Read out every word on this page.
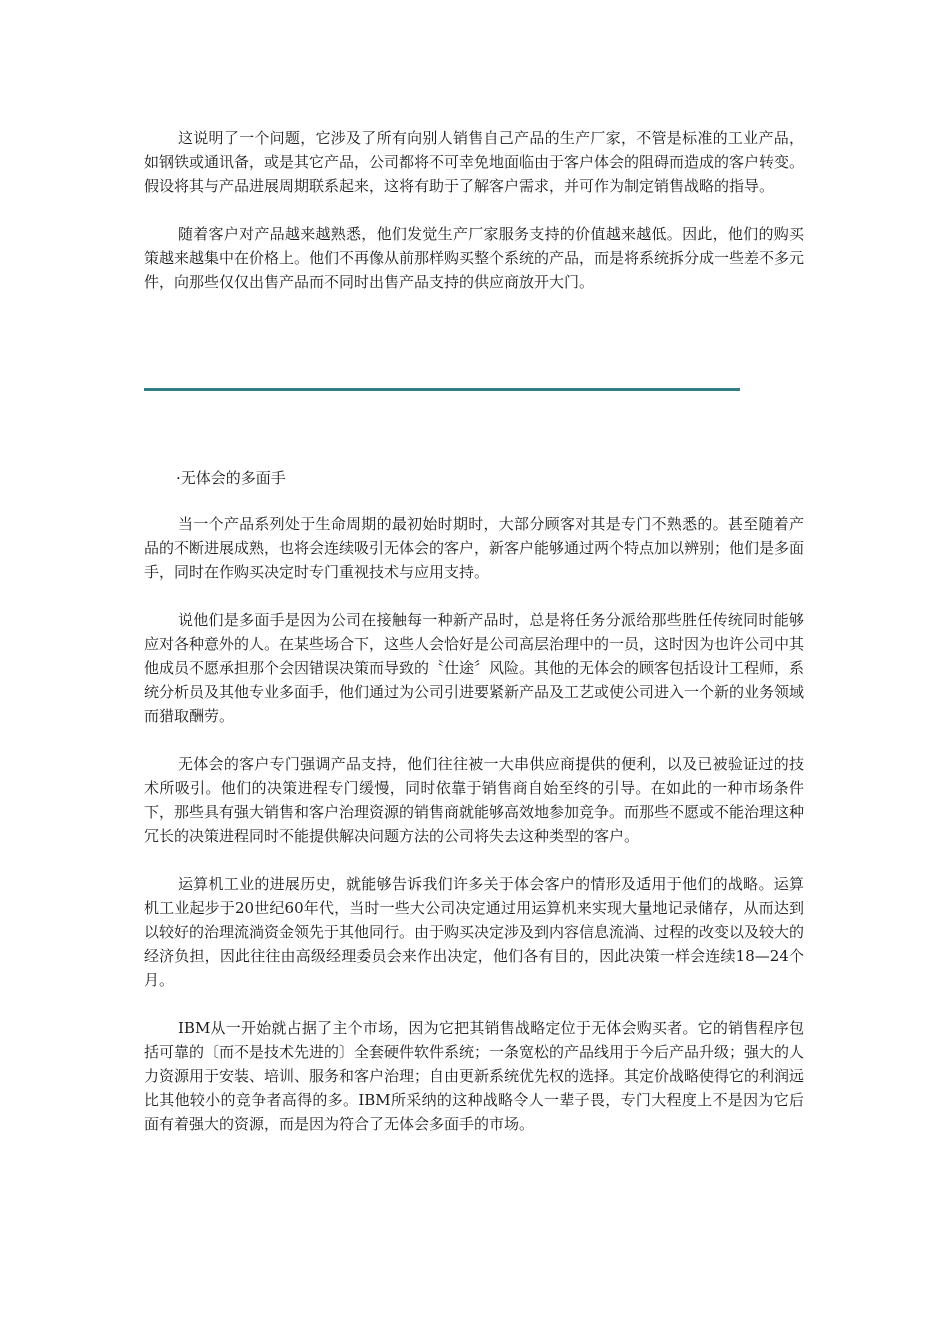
这说明了一个问题，它涉及了所有向别人销售自己产品的生产厂家，不管是标准的工业产品，如钢铁或通讯备，或是其它产品，公司都将不可幸免地面临由于客户体会的阻碍而造成的客户转变。假设将其与产品进展周期联系起来，这将有助于了解客户需求，并可作为制定销售战略的指导。

随着客户对产品越来越熟悉，他们发觉生产厂家服务支持的价值越来越低。因此，他们的购买策越来越集中在价格上。他们不再像从前那样购买整个系统的产品，而是将系统拆分成一些差不多元件，向那些仅仅出售产品而不同时出售产品支持的供应商放开大门。

·无体会的多面手

当一个产品系列处于生命周期的最初始时期时，大部分顾客对其是专门不熟悉的。甚至随着产品的不断进展成熟，也将会连续吸引无体会的客户，新客户能够通过两个特点加以辨别；他们是多面手，同时在作购买决定时专门重视技术与应用支持。

说他们是多面手是因为公司在接触每一种新产品时，总是将任务分派给那些胜任传统同时能够应对各种意外的人。在某些场合下，这些人会恰好是公司高层治理中的一员，这时因为也许公司中其他成员不愿承担那个会因错误决策而导致的〝仕途〞风险。其他的无体会的顾客包括设计工程师，系统分析员及其他专业多面手，他们通过为公司引进要紧新产品及工艺或使公司进入一个新的业务领域而猎取酬劳。

无体会的客户专门强调产品支持，他们往往被一大串供应商提供的便利，以及已被验证过的技术所吸引。他们的决策进程专门缓慢，同时依靠于销售商自始至终的引导。在如此的一种市场条件下，那些具有强大销售和客户治理资源的销售商就能够高效地参加竞争。而那些不愿或不能治理这种冗长的决策进程同时不能提供解决问题方法的公司将失去这种类型的客户。

运算机工业的进展历史，就能够告诉我们许多关于体会客户的情形及适用于他们的战略。运算机工业起步于20世纪60年代，当时一些大公司决定通过用运算机来实现大量地记录储存，从而达到以较好的治理流淌资金领先于其他同行。由于购买决定涉及到内容信息流淌、过程的改变以及较大的经济负担，因此往往由高级经理委员会来作出决定，他们各有目的，因此决策一样会连续18—24个月。

IBM从一开始就占据了主个市场，因为它把其销售战略定位于无体会购买者。它的销售程序包括可靠的〔而不是技术先进的〕全套硬件软件系统；一条宽松的产品线用于今后产品升级；强大的人力资源用于安装、培训、服务和客户治理；自由更新系统优先权的选择。其定价战略使得它的利润远比其他较小的竞争者高得的多。IBM所采纳的这种战略令人一辈子畏，专门大程度上不是因为它后面有着强大的资源，而是因为符合了无体会多面手的市场。
